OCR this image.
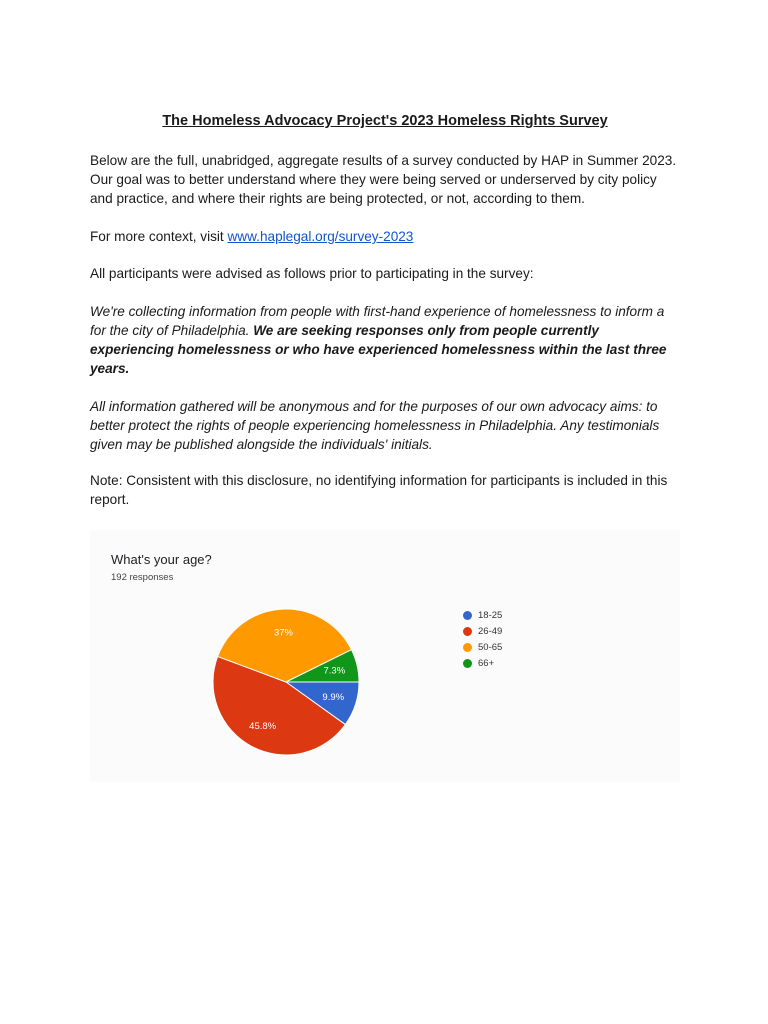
The Homeless Advocacy Project's 2023 Homeless Rights Survey

Below are the full, unabridged, aggregate results of a survey conducted by HAP in Summer 2023. Our goal was to better understand where they were being served or underserved by city policy and practice, and where their rights are being protected, or not, according to them.

For more context, visit www.haplegal.org/survey-2023

All participants were advised as follows prior to participating in the survey:

We're collecting information from people with first-hand experience of homelessness to inform a for the city of Philadelphia. We are seeking responses only from people currently experiencing homelessness or who have experienced homelessness within the last three years.

All information gathered will be anonymous and for the purposes of our own advocacy aims: to better protect the rights of people experiencing homelessness in Philadelphia. Any testimonials given may be published alongside the individuals' initials.

Note: Consistent with this disclosure, no identifying information for participants is included in this report.

What's your age?
192 responses
9.9%
45.8%
37%
7.3%
18-25
26-49
50-65
66+
